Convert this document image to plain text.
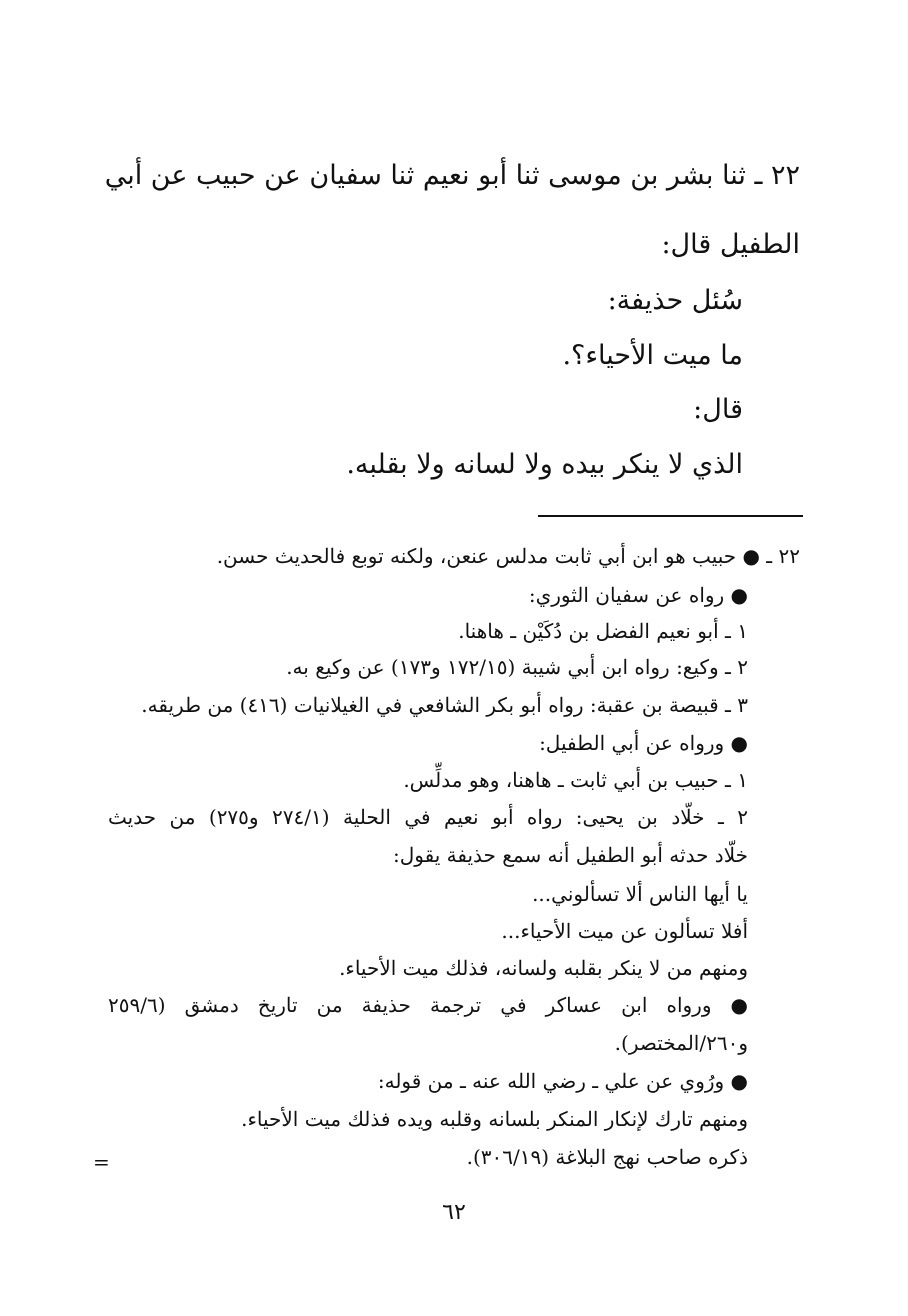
٢٢ ـ ثنا بشر بن موسى ثنا أبو نعيم ثنا سفيان عن حبيب عن أبي
الطفيل قال:
سُئل حذيفة:
ما ميت الأحياء؟.
قال:
الذي لا ينكر بيده ولا لسانه ولا بقلبه.
٢٢ ـ ● حبيب هو ابن أبي ثابت مدلس عنعن، ولكنه توبع فالحديث حسن.
● رواه عن سفيان الثوري:
١ ـ أبو نعيم الفضل بن دُكَيْن ـ هاهنا.
٢ ـ وكيع: رواه ابن أبي شيبة (١٧٢/١٥ و١٧٣) عن وكيع به.
٣ ـ قبيصة بن عقبة: رواه أبو بكر الشافعي في الغيلانيات (٤١٦) من طريقه.
● ورواه عن أبي الطفيل:
١ ـ حبيب بن أبي ثابت ـ هاهنا، وهو مدلِّس.
٢ ـ خلّاد بن يحيى: رواه أبو نعيم في الحلية (٢٧٤/١ و٢٧٥) من حديث
خلّاد حدثه أبو الطفيل أنه سمع حذيفة يقول:
يا أيها الناس ألا تسألوني...
أفلا تسألون عن ميت الأحياء...
ومنهم من لا ينكر بقلبه ولسانه، فذلك ميت الأحياء.
● ورواه ابن عساكر في ترجمة حذيفة من تاريخ دمشق (٢٥٩/٦
و٢٦٠/المختصر).
● ورُوي عن علي ـ رضي الله عنه ـ من قوله:
ومنهم تارك لإنكار المنكر بلسانه وقلبه ويده فذلك ميت الأحياء.
ذكره صاحب نهج البلاغة (٣٠٦/١٩).
=
٦٢
